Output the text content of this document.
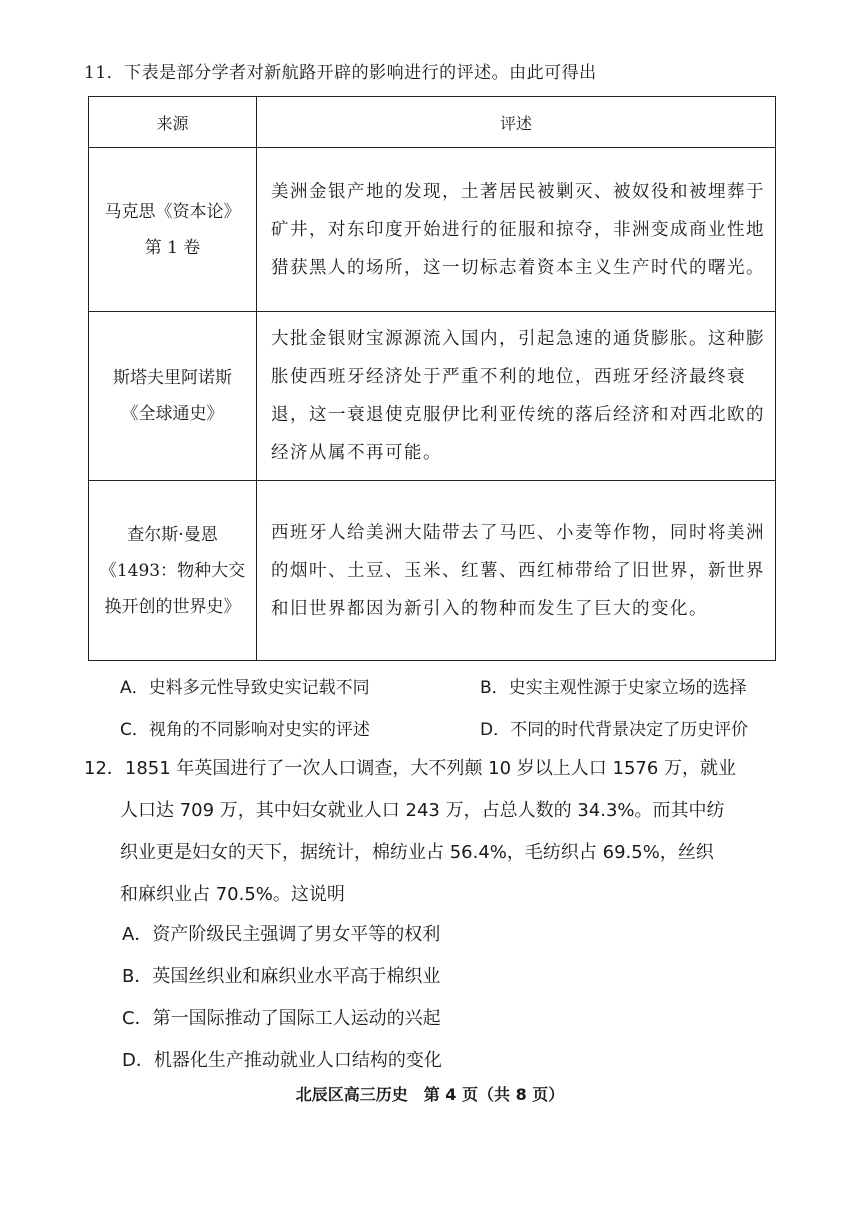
11．下表是部分学者对新航路开辟的影响进行的评述。由此可得出
来源	评述

马克思《资本论》
第 1 卷	美洲金银产地的发现，土著居民被剿灭、被奴役和被埋葬于矿井，对东印度开始进行的征服和掠夺，非洲变成商业性地猎获黑人的场所，这一切标志着资本主义生产时代的曙光。

斯塔夫里阿诺斯
《全球通史》	大批金银财宝源源流入国内，引起急速的通货膨胀。这种膨胀使西班牙经济处于严重不利的地位，西班牙经济最终衰退，这一衰退使克服伊比利亚传统的落后经济和对西北欧的经济从属不再可能。

查尔斯·曼恩
《1493：物种大交
换开创的世界史》	西班牙人给美洲大陆带去了马匹、小麦等作物，同时将美洲的烟叶、土豆、玉米、红薯、西红柿带给了旧世界，新世界和旧世界都因为新引入的物种而发生了巨大的变化。
A．史料多元性导致史实记载不同	B．史实主观性源于史家立场的选择
C．视角的不同影响对史实的评述	D．不同的时代背景决定了历史评价
12．1851 年英国进行了一次人口调查，大不列颠 10 岁以上人口 1576 万，就业
人口达 709 万，其中妇女就业人口 243 万，占总人数的 34.3%。而其中纺
织业更是妇女的天下，据统计，棉纺业占 56.4%，毛纺织占 69.5%，丝织
和麻织业占 70.5%。这说明
A．资产阶级民主强调了男女平等的权利
B．英国丝织业和麻织业水平高于棉织业
C．第一国际推动了国际工人运动的兴起
D．机器化生产推动就业人口结构的变化
北辰区高三历史　第 4 页（共 8 页）
